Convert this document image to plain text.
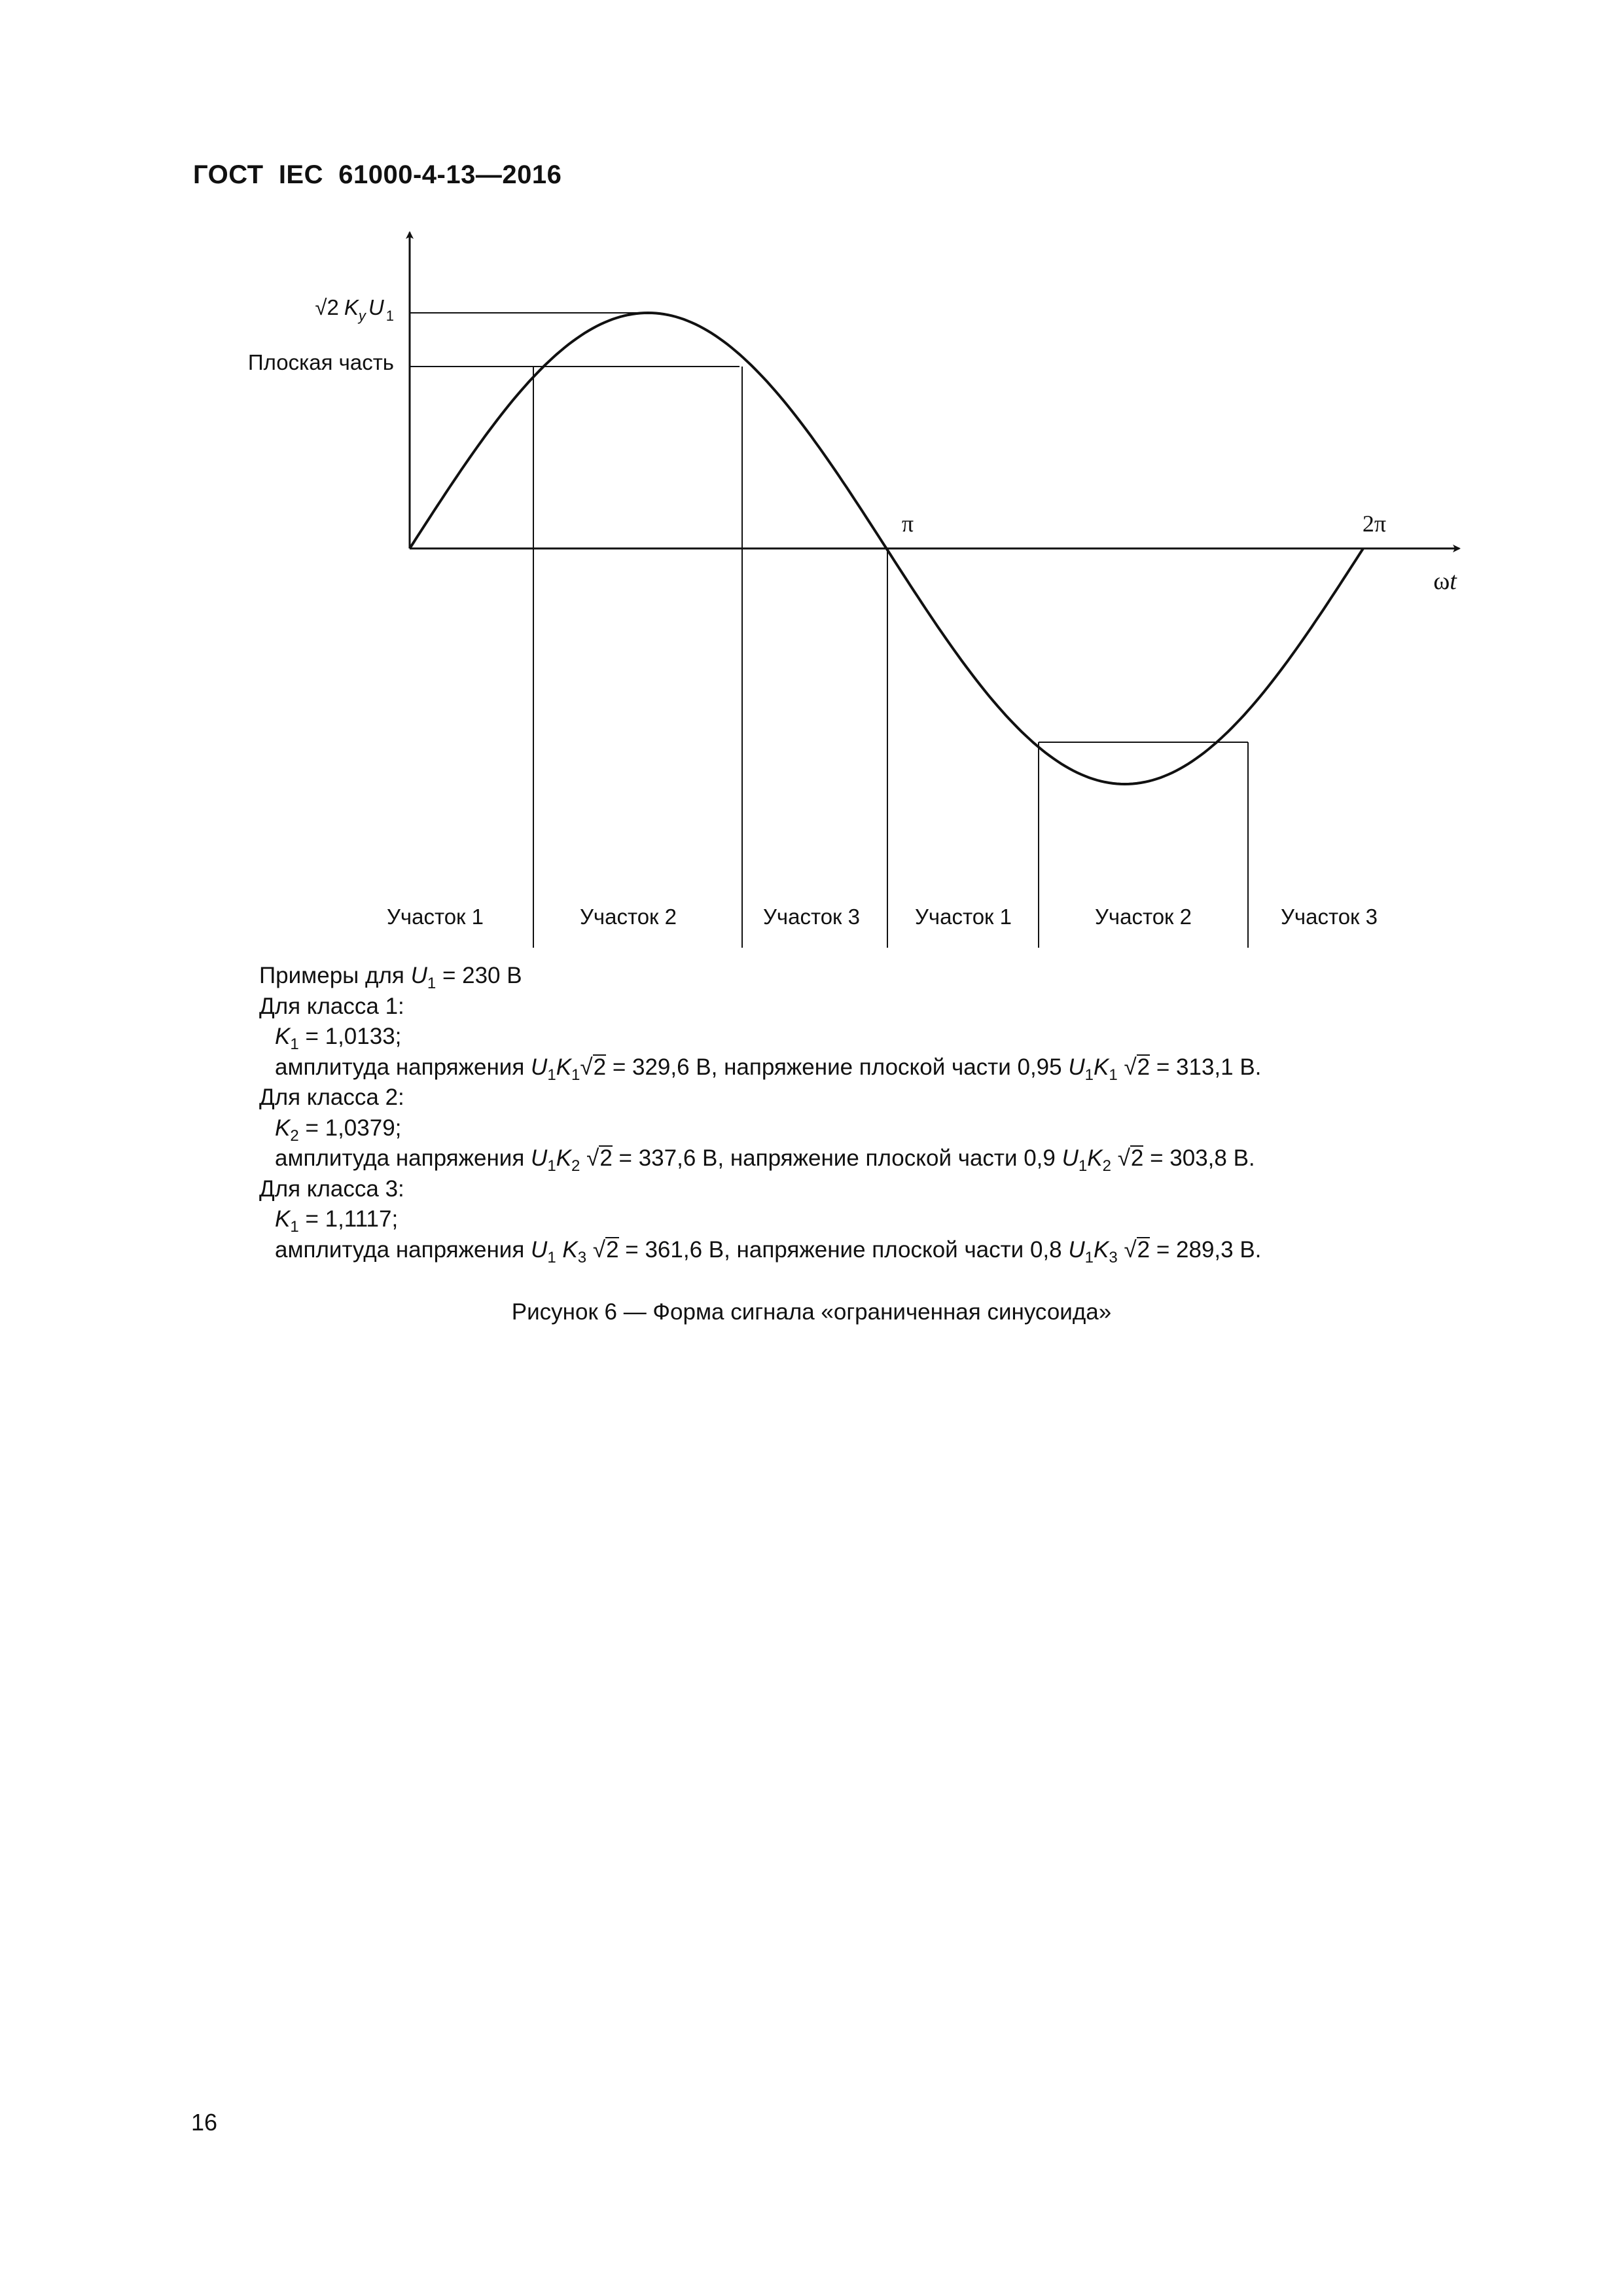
ГОСТ  IEC  61000-4-13—2016
√2 $K_y$ U $_1$
Плоская часть
π	2π
ωt
Участок 1	Участок 2	Участок 3	Участок 1	Участок 2	Участок 3
Примеры для $U_1 = 230$ В
Для класса 1:
$K_1 = 1,0133$;
амплитуда напряжения $U_1K_1√2 = 329,6$ В, напряжение плоской части 0,95 $U_1K_1$ √2 = 313,1 В.
Для класса 2:
$K_2 = 1,0379$;
амплитуда напряжения $U_1K_2$ √2 = 337,6 В, напряжение плоской части 0,9 $U_1K_2$ √2 = 303,8 В.
Для класса 3:
$K_1 = 1,1117$;
амплитуда напряжения $U_1$ $K_3$ √2 = 361,6 В, напряжение плоской части 0,8 $U_1K_3$ √2 = 289,3 В.
Рисунок 6 — Форма сигнала «ограниченная синусоида»
16
